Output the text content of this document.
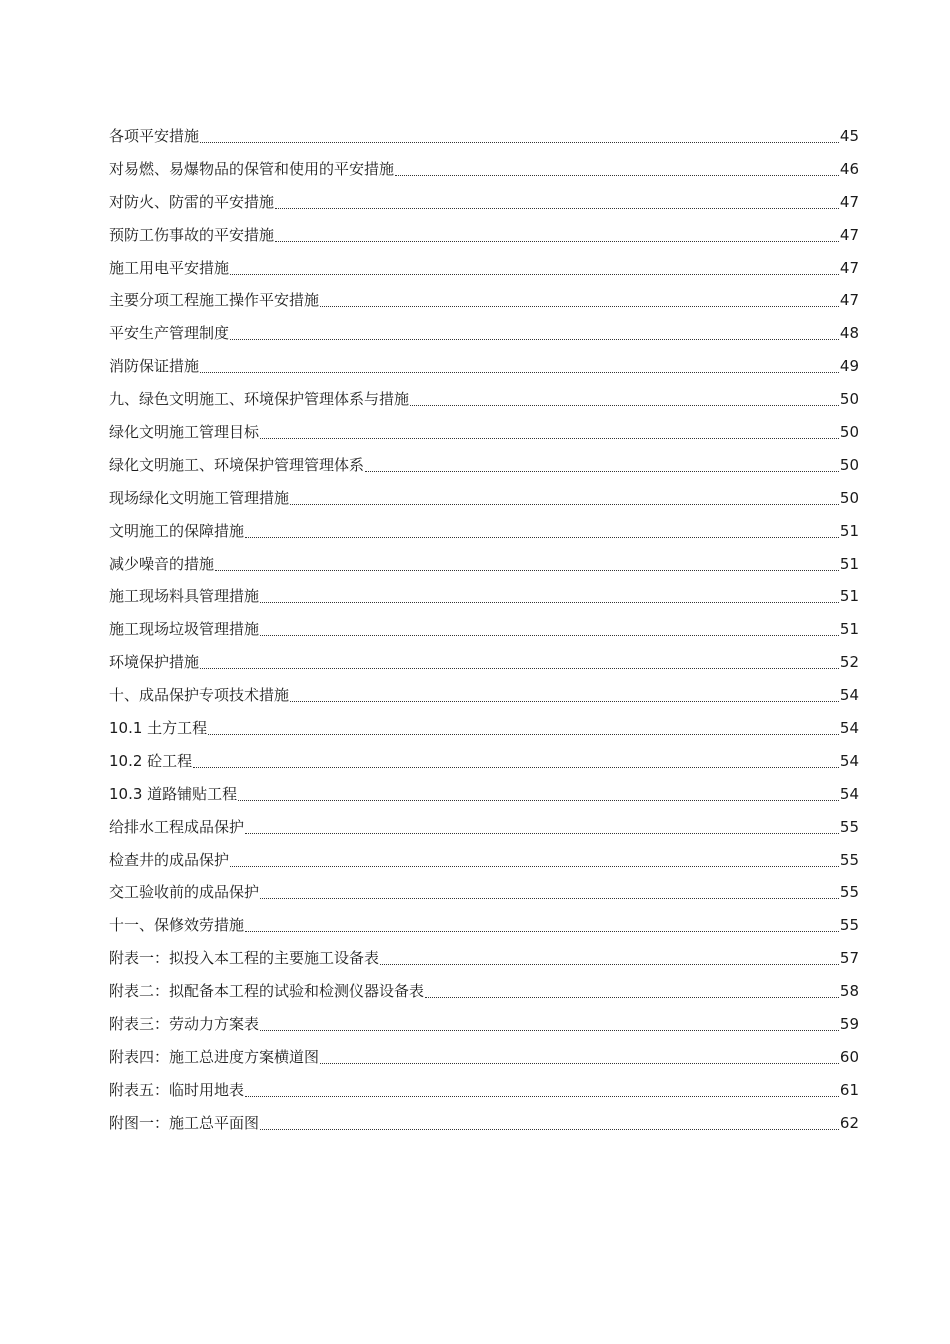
各项平安措施	45
对易燃、易爆物品的保管和使用的平安措施	46
对防火、防雷的平安措施	47
预防工伤事故的平安措施	47
施工用电平安措施	47
主要分项工程施工操作平安措施	47
平安生产管理制度	48
消防保证措施	49
九、绿色文明施工、环境保护管理体系与措施	50
绿化文明施工管理目标	50
绿化文明施工、环境保护管理管理体系	50
现场绿化文明施工管理措施	50
文明施工的保障措施	51
减少噪音的措施	51
施工现场料具管理措施	51
施工现场垃圾管理措施	51
环境保护措施	52
十、成品保护专项技术措施	54
10.1 土方工程	54
10.2 砼工程	54
10.3 道路铺贴工程	54
给排水工程成品保护	55
检查井的成品保护	55
交工验收前的成品保护	55
十一、保修效劳措施	55
附表一：拟投入本工程的主要施工设备表	57
附表二：拟配备本工程的试验和检测仪器设备表	58
附表三：劳动力方案表	59
附表四：施工总进度方案横道图	60
附表五：临时用地表	61
附图一：施工总平面图	62
